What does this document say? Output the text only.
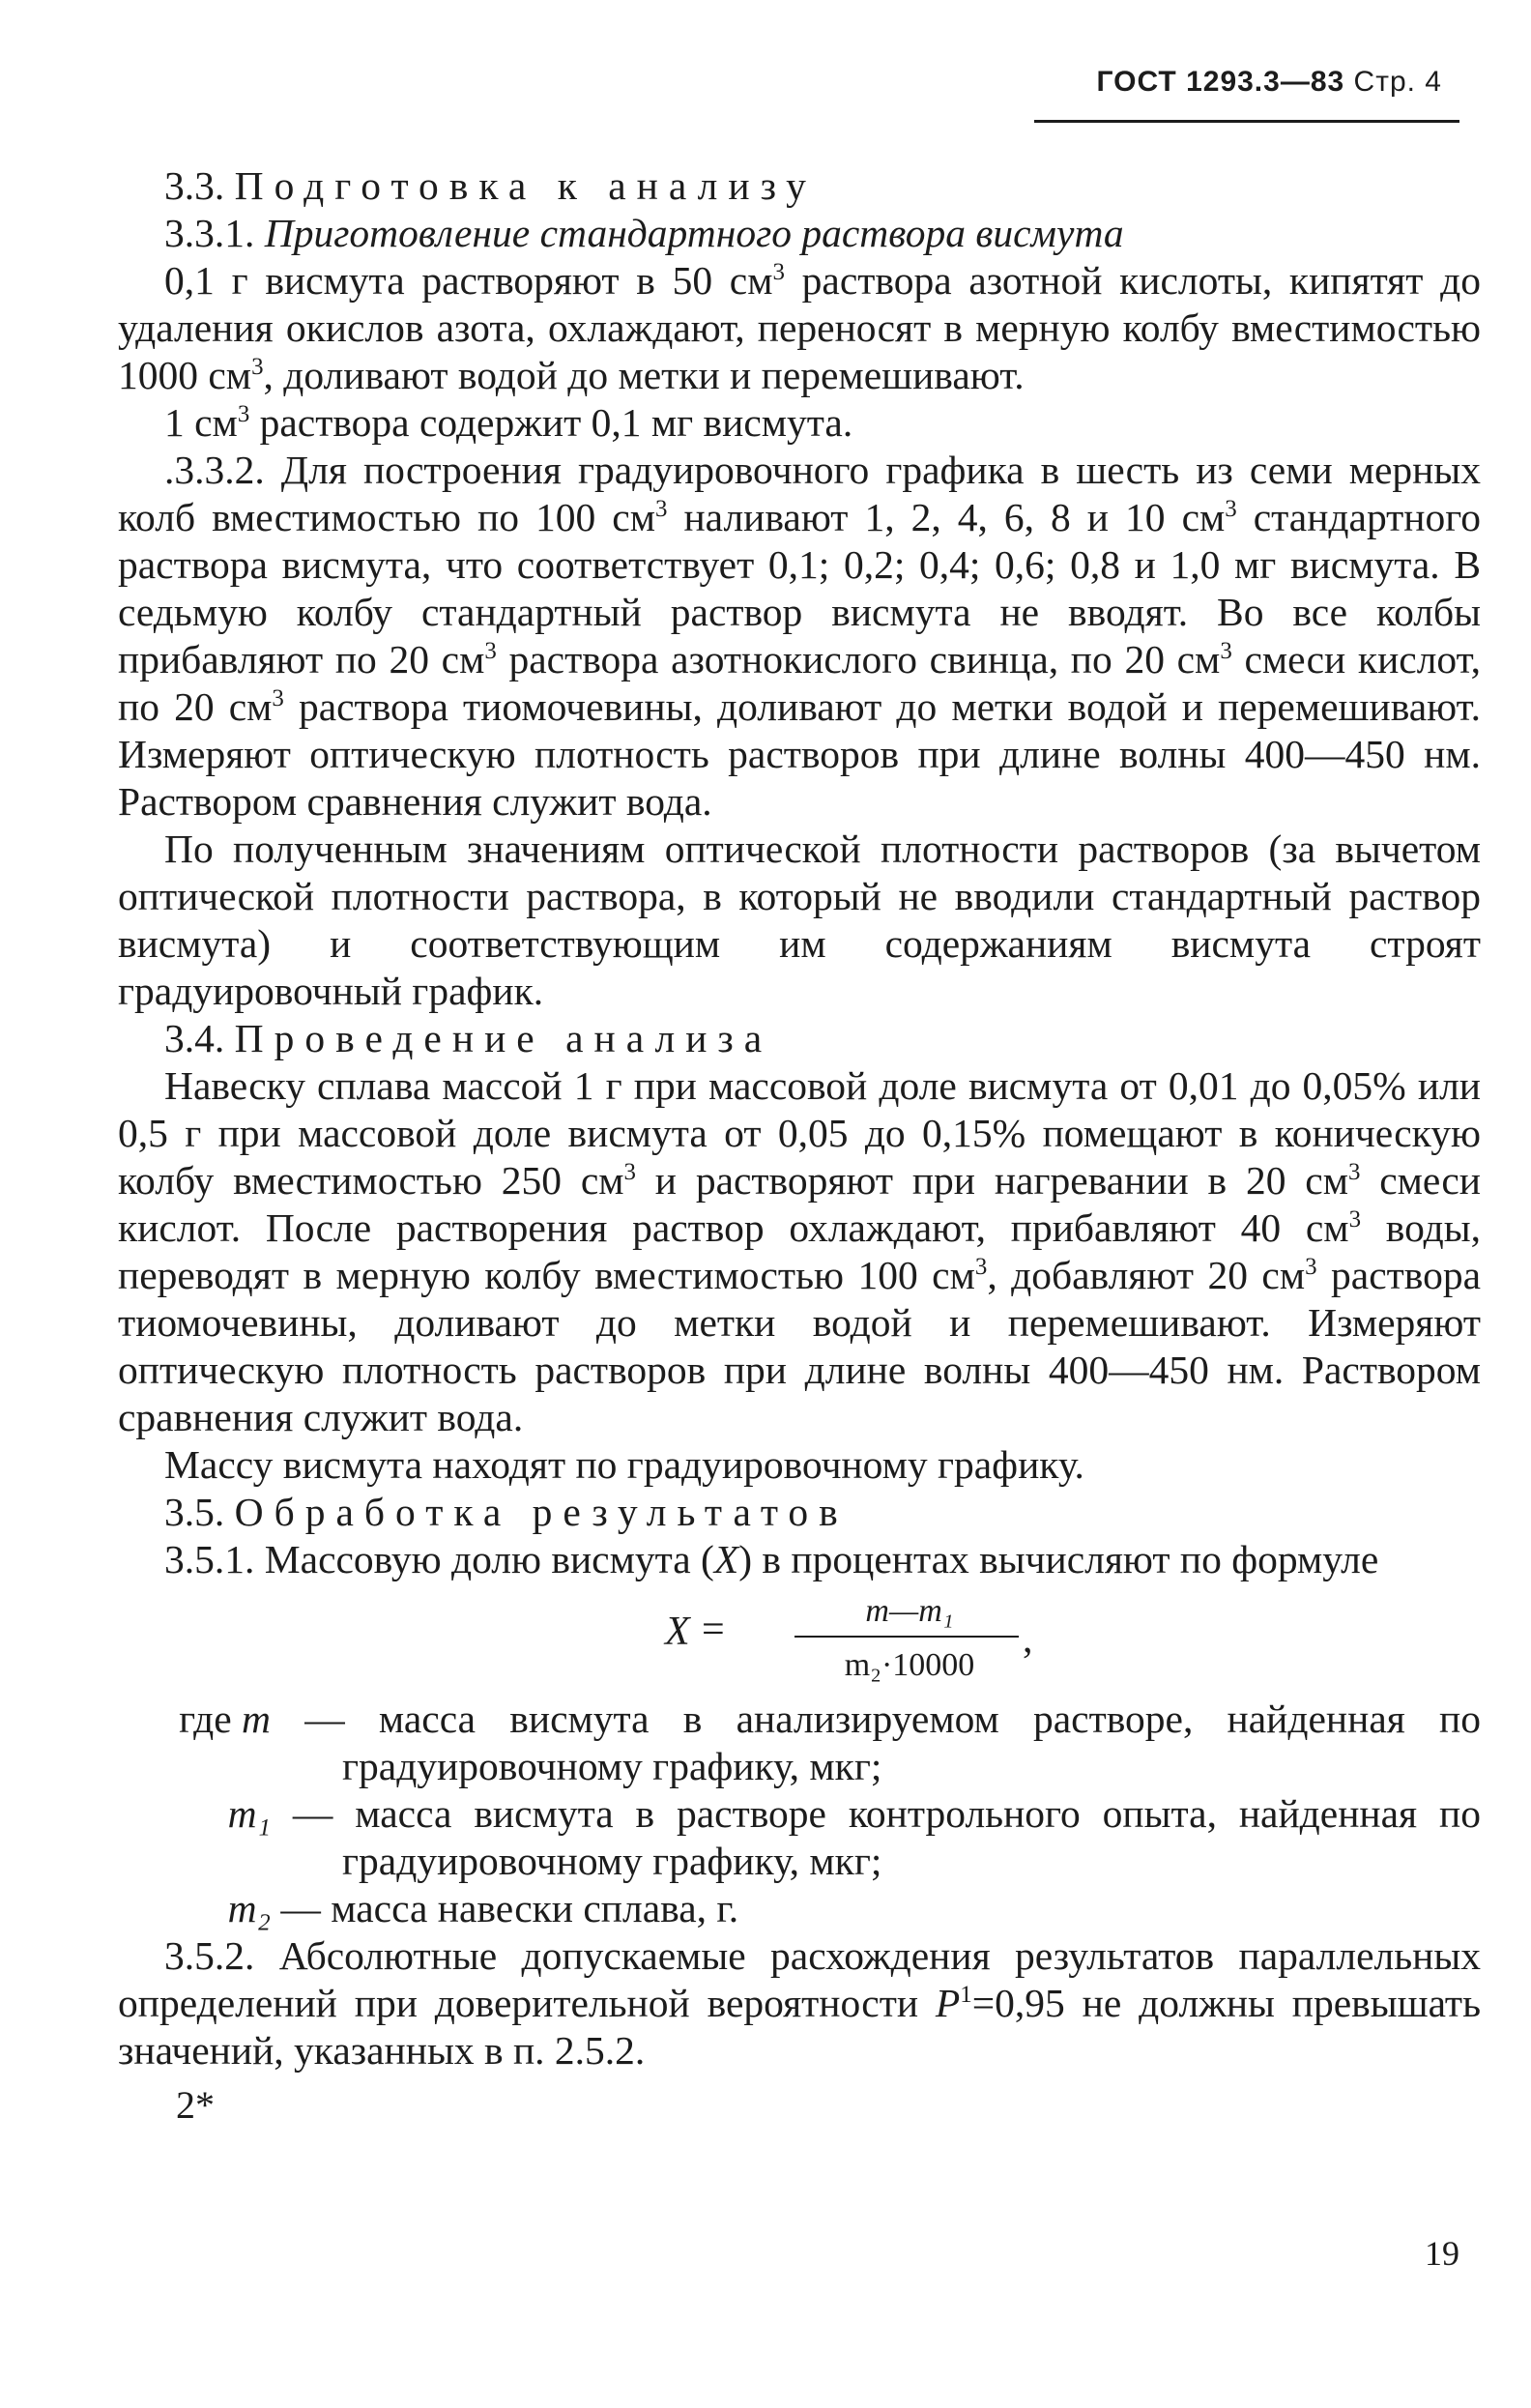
ГОСТ 1293.3—83 Стр. 4

3.3. Подготовка к анализу

3.3.1. Приготовление стандартного раствора висмута

0,1 г висмута растворяют в 50 $см^3$ раствора азотной кислоты, кипятят до удаления окислов азота, охлаждают, переносят в мерную колбу вместимостью 1000 $см^3$, доливают водой до метки и перемешивают.

1 $см^3$ раствора содержит 0,1 мг висмута.

.3.3.2. Для построения градуировочного графика в шесть из семи мерных колб вместимостью по 100 $см^3$ наливают 1, 2, 4, 6, 8 и 10 $см^3$ стандартного раствора висмута, что соответствует 0,1; 0,2; 0,4; 0,6; 0,8 и 1,0 мг висмута. В седьмую колбу стандартный раствор висмута не вводят. Во все колбы прибавляют по 20 $см^3$ раствора азотнокислого свинца, по 20 $см^3$ смеси кислот, по 20 $см^3$ раствора тиомочевины, доливают до метки водой и перемешивают. Измеряют оптическую плотность растворов при длине волны 400—450 нм. Раствором сравнения служит вода.

По полученным значениям оптической плотности растворов (за вычетом оптической плотности раствора, в который не вводили стандартный раствор висмута) и соответствующим им содержаниям висмута строят градуировочный график.

3.4. Проведение анализа

Навеску сплава массой 1 г при массовой доле висмута от 0,01 до 0,05% или 0,5 г при массовой доле висмута от 0,05 до 0,15% помещают в коническую колбу вместимостью 250 $см^3$ и растворяют при нагревании в 20 $см^3$ смеси кислот. После растворения раствор охлаждают, прибавляют 40 $см^3$ воды, переводят в мерную колбу вместимостью 100 $см^3$, добавляют 20 $см^3$ раствора тиомочевины, доливают до метки водой и перемешивают. Измеряют оптическую плотность растворов при длине волны 400—450 нм. Раствором сравнения служит вода.

Массу висмута находят по градуировочному графику.

3.5. Обработка результатов

3.5.1. Массовую долю висмута (X) в процентах вычисляют по формуле

X =	m—m₁
m₂·10000
,

где m — масса висмута в анализируемом растворе, найденная по градуировочному графику, мкг;

m₁ — масса висмута в растворе контрольного опыта, найденная по градуировочному графику, мкг;

m₂ — масса навески сплава, г.

3.5.2. Абсолютные допускаемые расхождения результатов параллельных определений при доверительной вероятности $P^1=0,95$ не должны превышать значений, указанных в п. 2.5.2.

2*
19
